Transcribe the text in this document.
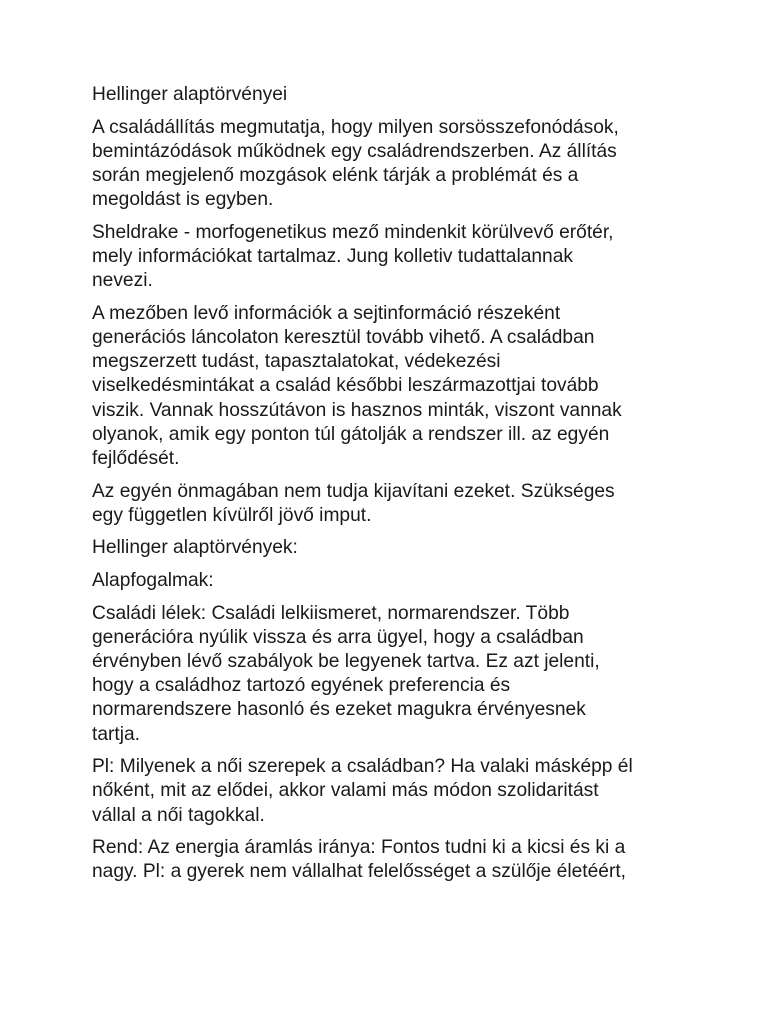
Hellinger alaptörvényei

A családállítás megmutatja, hogy milyen sorsösszefonódások,
bemintázódások működnek egy családrendszerben. Az állítás
során megjelenő mozgások elénk tárják a problémát és a
megoldást is egyben.

Sheldrake - morfogenetikus mező mindenkit körülvevő erőtér,
mely információkat tartalmaz. Jung kolletiv tudattalannak
nevezi.

A mezőben levő információk a sejtinformáció részeként
generációs láncolaton keresztül tovább vihető. A családban
megszerzett tudást, tapasztalatokat, védekezési
viselkedésmintákat a család későbbi leszármazottjai tovább
viszik. Vannak hosszútávon is hasznos minták, viszont vannak
olyanok, amik egy ponton túl gátolják a rendszer ill. az egyén
fejlődését.

Az egyén önmagában nem tudja kijavítani ezeket. Szükséges
egy független kívülről jövő imput.

Hellinger alaptörvények:

Alapfogalmak:

Családi lélek: Családi lelkiismeret, normarendszer. Több
generációra nyúlik vissza és arra ügyel, hogy a családban
érvényben lévő szabályok be legyenek tartva. Ez azt jelenti,
hogy a családhoz tartozó egyének preferencia és
normarendszere hasonló és ezeket magukra érvényesnek
tartja.

Pl: Milyenek a női szerepek a családban? Ha valaki másképp él
nőként, mit az elődei, akkor valami más módon szolidaritást
vállal a női tagokkal.

Rend: Az energia áramlás iránya: Fontos tudni ki a kicsi és ki a
nagy. Pl: a gyerek nem vállalhat felelősséget a szülője életéért,
